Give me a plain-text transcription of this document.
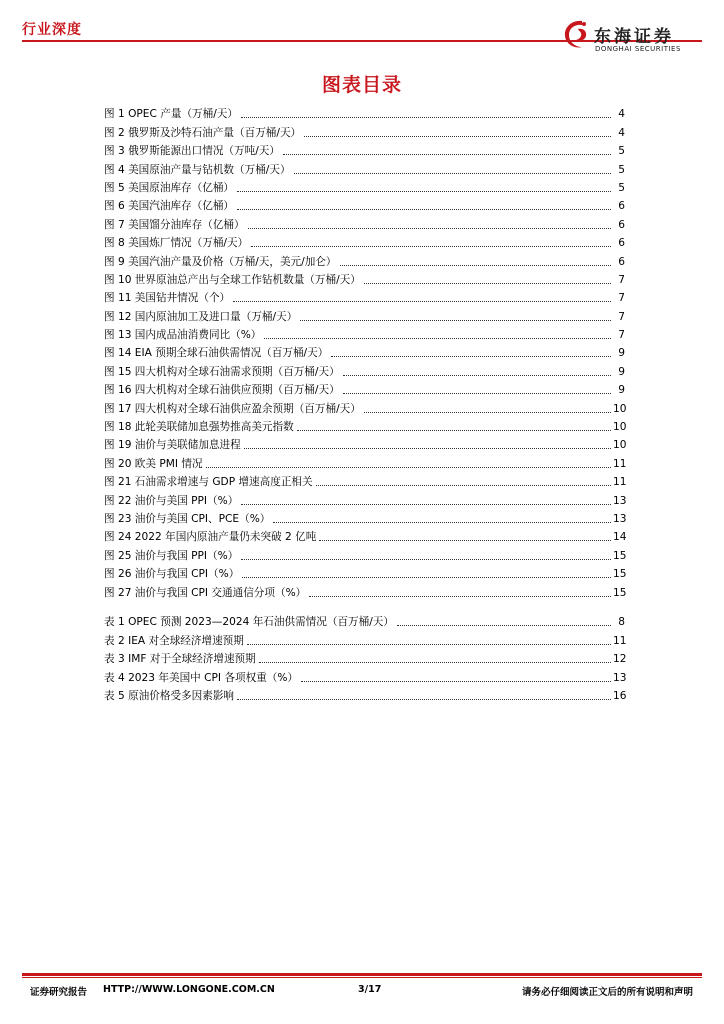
行业深度	东海证券
DONGHAI SECURITIES
图表目录
图 1 OPEC 产量（万桶/天）	4
图 2 俄罗斯及沙特石油产量（百万桶/天）	4
图 3 俄罗斯能源出口情况（万吨/天）	5
图 4 美国原油产量与钻机数（万桶/天）	5
图 5 美国原油库存（亿桶）	5
图 6 美国汽油库存（亿桶）	6
图 7 美国馏分油库存（亿桶）	6
图 8 美国炼厂情况（万桶/天）	6
图 9 美国汽油产量及价格（万桶/天，美元/加仑）	6
图 10 世界原油总产出与全球工作钻机数量（万桶/天）	7
图 11 美国钻井情况（个）	7
图 12 国内原油加工及进口量（万桶/天）	7
图 13 国内成品油消费同比（%）	7
图 14 EIA 预期全球石油供需情况（百万桶/天）	9
图 15 四大机构对全球石油需求预期（百万桶/天）	9
图 16 四大机构对全球石油供应预期（百万桶/天）	9
图 17 四大机构对全球石油供应盈余预期（百万桶/天）	10
图 18 此轮美联储加息强势推高美元指数	10
图 19 油价与美联储加息进程	10
图 20 欧美 PMI 情况	11
图 21 石油需求增速与 GDP 增速高度正相关	11
图 22 油价与美国 PPI（%）	13
图 23 油价与美国 CPI、PCE（%）	13
图 24 2022 年国内原油产量仍未突破 2 亿吨	14
图 25 油价与我国 PPI（%）	15
图 26 油价与我国 CPI（%）	15
图 27 油价与我国 CPI 交通通信分项（%）	15
表 1 OPEC 预测 2023—2024 年石油供需情况（百万桶/天）	8
表 2 IEA 对全球经济增速预期	11
表 3 IMF 对于全球经济增速预期	12
表 4 2023 年美国中 CPI 各项权重（%）	13
表 5 原油价格受多因素影响	16
证券研究报告 HTTP://WWW.LONGONE.COM.CN	3/17	请务必仔细阅读正文后的所有说明和声明
